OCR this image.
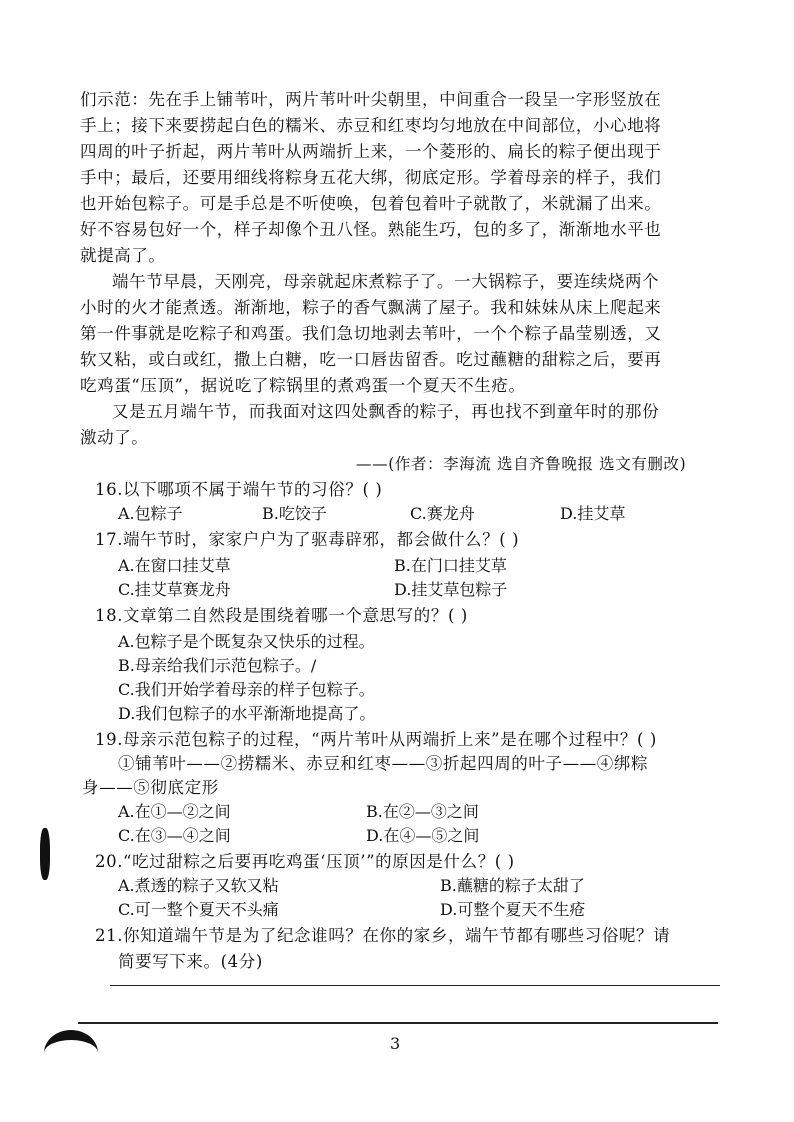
们示范：先在手上铺苇叶，两片苇叶叶尖朝里，中间重合一段呈一字形竖放在
手上；接下来要捞起白色的糯米、赤豆和红枣均匀地放在中间部位，小心地将
四周的叶子折起，两片苇叶从两端折上来，一个菱形的、扁长的粽子便出现于
手中；最后，还要用细线将粽身五花大绑，彻底定形。学着母亲的样子，我们
也开始包粽子。可是手总是不听使唤，包着包着叶子就散了，米就漏了出来。
好不容易包好一个，样子却像个丑八怪。熟能生巧，包的多了，渐渐地水平也
就提高了。
端午节早晨，天刚亮，母亲就起床煮粽子了。一大锅粽子，要连续烧两个
小时的火才能煮透。渐渐地，粽子的香气飘满了屋子。我和妹妹从床上爬起来
第一件事就是吃粽子和鸡蛋。我们急切地剥去苇叶，一个个粽子晶莹剔透，又
软又粘，或白或红，撒上白糖，吃一口唇齿留香。吃过蘸糖的甜粽之后，要再
吃鸡蛋“压顶”，据说吃了粽锅里的煮鸡蛋一个夏天不生疮。
又是五月端午节，而我面对这四处飘香的粽子，再也找不到童年时的那份
激动了。
——(作者：李海流 选自齐鲁晚报 选文有删改)
16.以下哪项不属于端午节的习俗？( )
A.包粽子	B.吃饺子	C.赛龙舟	D.挂艾草
17.端午节时，家家户户为了驱毒辟邪，都会做什么？( )
A.在窗口挂艾草	B.在门口挂艾草
C.挂艾草赛龙舟	D.挂艾草包粽子
18.文章第二自然段是围绕着哪一个意思写的？( )
A.包粽子是个既复杂又快乐的过程。
B.母亲给我们示范包粽子。/
C.我们开始学着母亲的样子包粽子。
D.我们包粽子的水平渐渐地提高了。
19.母亲示范包粽子的过程，“两片苇叶从两端折上来”是在哪个过程中？( )
①铺苇叶——②捞糯米、赤豆和红枣——③折起四周的叶子——④绑粽
身——⑤彻底定形
A.在①—②之间	B.在②—③之间
C.在③—④之间	D.在④—⑤之间
20.“吃过甜粽之后要再吃鸡蛋‘压顶’”的原因是什么？( )
A.煮透的粽子又软又粘	B.蘸糖的粽子太甜了
C.可一整个夏天不头痛	D.可整个夏天不生疮
21.你知道端午节是为了纪念谁吗？在你的家乡，端午节都有哪些习俗呢？请
简要写下来。(4分)
3
